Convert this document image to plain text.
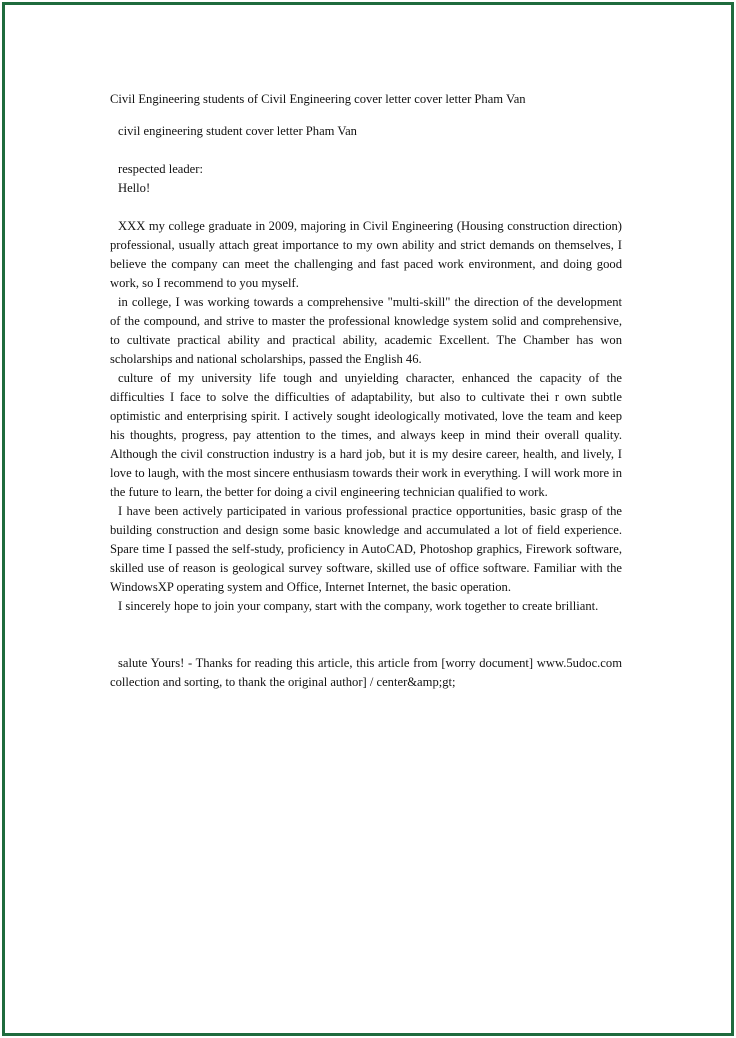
Civil Engineering students of Civil Engineering cover letter cover letter Pham Van

civil engineering student cover letter Pham Van

respected leader:

Hello!

XXX my college graduate in 2009, majoring in Civil Engineering (Housing construction direction) professional, usually attach great importance to my own ability and strict demands on themselves, I believe the company can meet the challenging and fast paced work environment, and doing good work, so I recommend to you myself.

in college, I was working towards a comprehensive "multi-skill" the direction of the development of the compound, and strive to master the professional knowledge system solid and comprehensive, to cultivate practical ability and practical ability, academic Excellent. The Chamber has won scholarships and national scholarships, passed the English 46.

culture of my university life tough and unyielding character, enhanced the capacity of the difficulties I face to solve the difficulties of adaptability, but also to cultivate thei r own subtle optimistic and enterprising spirit. I actively sought ideologically motivated, love the team and keep his thoughts, progress, pay attention to the times, and always keep in mind their overall quality. Although the civil construction industry is a hard job, but it is my desire career, health, and lively, I love to laugh, with the most sincere enthusiasm towards their work in everything. I will work more in the future to learn, the better for doing a civil engineering technician qualified to work.

I have been actively participated in various professional practice opportunities, basic grasp of the building construction and design some basic knowledge and accumulated a lot of field experience. Spare time I passed the self-study, proficiency in AutoCAD, Photoshop graphics, Firework software, skilled use of reason is geological survey software, skilled use of office software. Familiar with the WindowsXP operating system and Office, Internet Internet, the basic operation.

I sincerely hope to join your company, start with the company, work together to create brilliant.

salute Yours! - Thanks for reading this article, this article from [worry document] www.5udoc.com collection and sorting, to thank the original author] / center&amp;gt;
